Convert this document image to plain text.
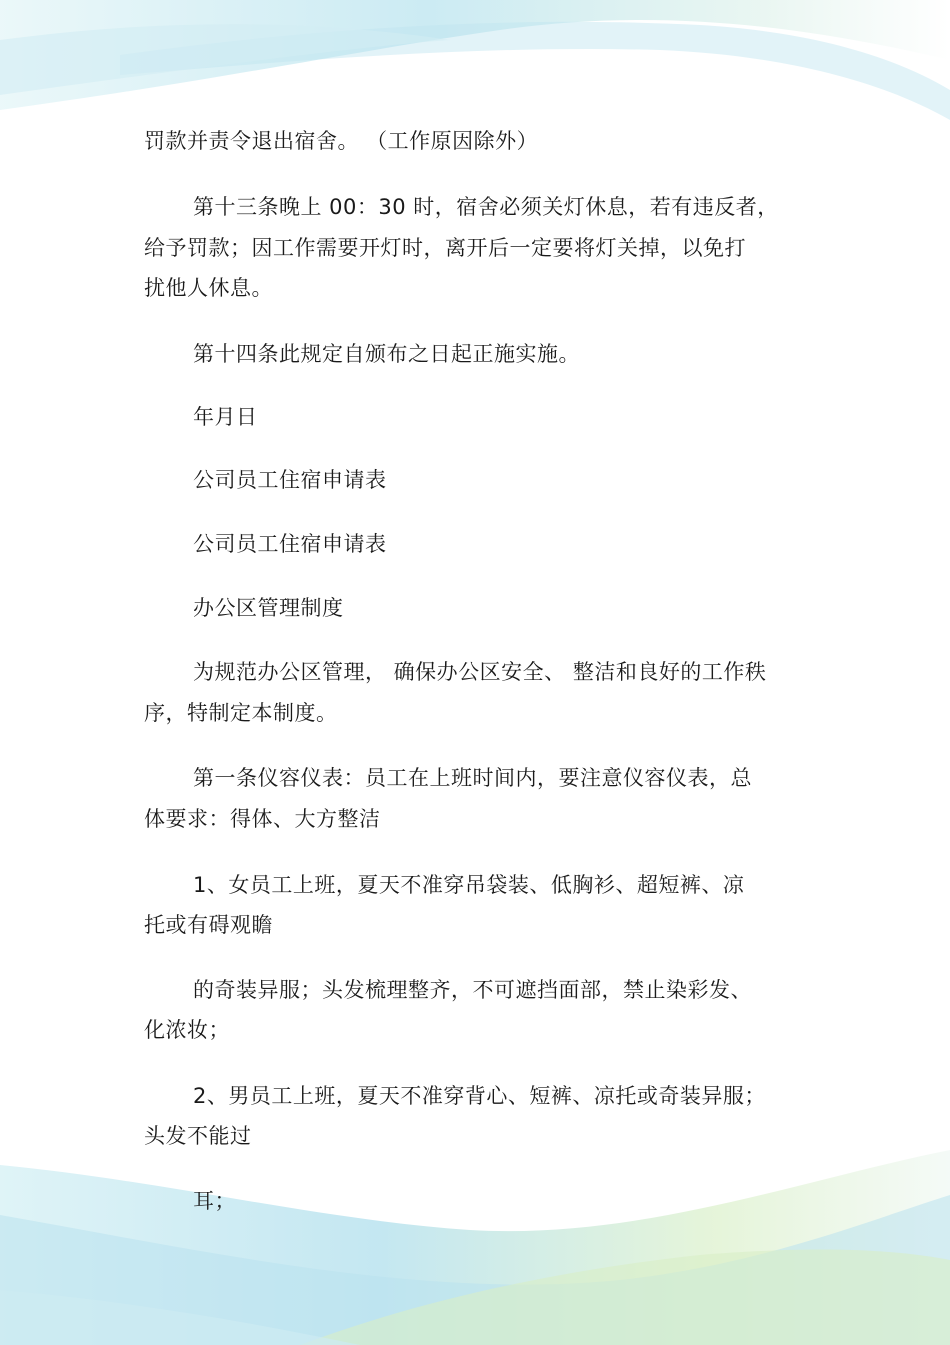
罚款并责令退出宿舍。 （工作原因除外）
第十三条晚上 00：30 时，宿舍必须关灯休息，若有违反者，
给予罚款；因工作需要开灯时，离开后一定要将灯关掉，以免打
扰他人休息。
第十四条此规定自颁布之日起正施实施。
年月日
公司员工住宿申请表
公司员工住宿申请表
办公区管理制度
为规范办公区管理， 确保办公区安全、 整洁和良好的工作秩
序，特制定本制度。
第一条仪容仪表：员工在上班时间内，要注意仪容仪表，总
体要求：得体、大方整洁
1、女员工上班，夏天不准穿吊袋装、低胸衫、超短裤、凉
托或有碍观瞻
的奇装异服；头发梳理整齐，不可遮挡面部，禁止染彩发、
化浓妆；
2、男员工上班，夏天不准穿背心、短裤、凉托或奇装异服；
头发不能过
耳；
